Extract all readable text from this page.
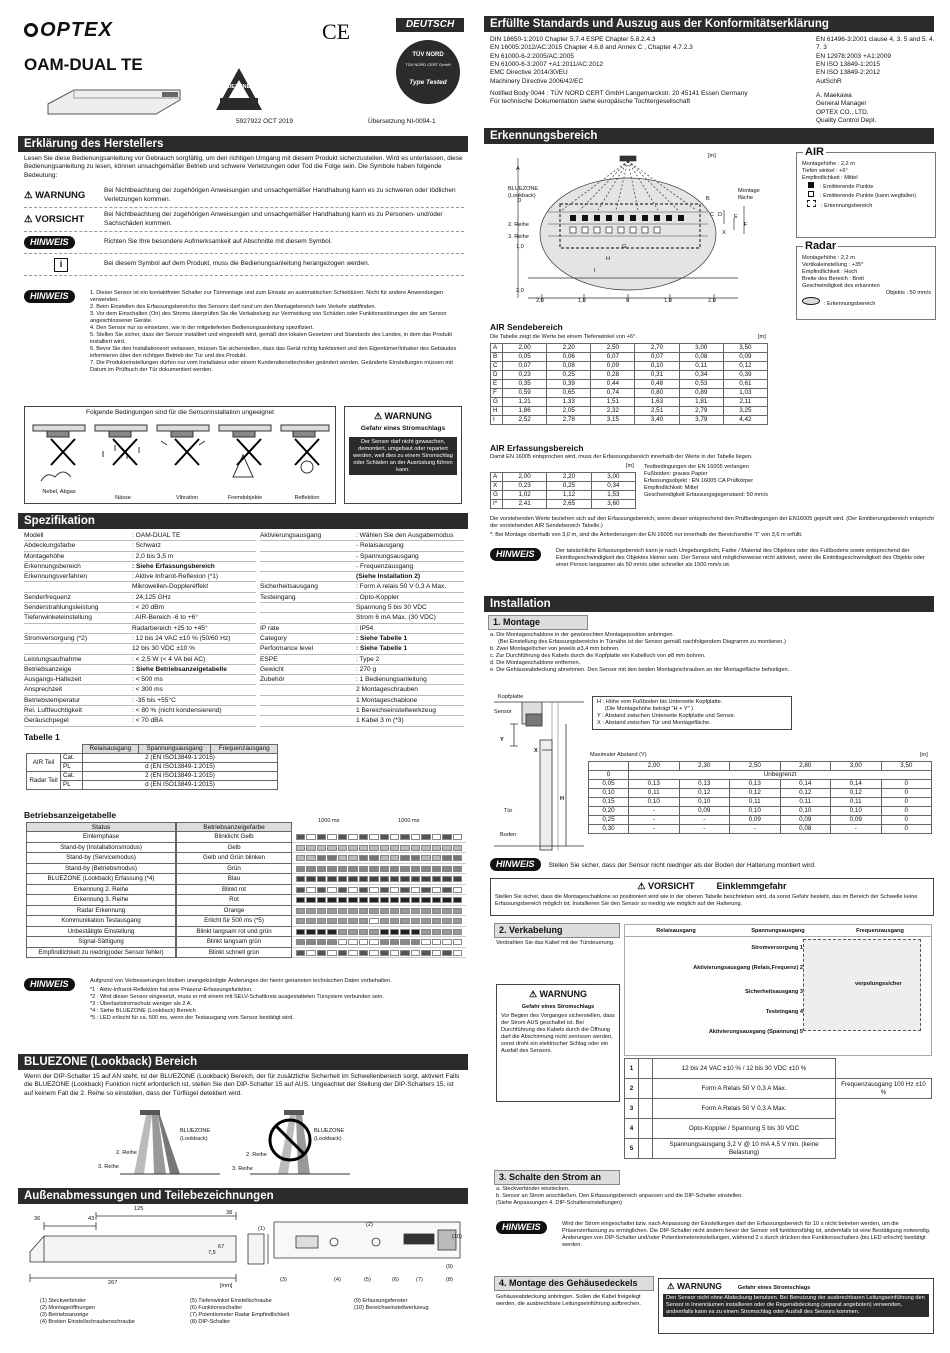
OPTEX	CE	DEUTSCH
OAM-DUAL TE
BLUEZONE
TÜV NORD
TÜV NORD CERT GmbH
Type Tested
5927922 OCT 2019	Übersetzung NI-0094-1
Erklärung des Herstellers
Lesen Sie diese Bedienungsanleitung vor Gebrauch sorgfältig, um den richtigen Umgang mit diesem Produkt sicherzustellen. Wird es unterlassen, diese Bedienungsanleitung zu lesen, können unsachgemäßer Betrieb und schwere Verletzungen oder Tod die Folge sein. Die Symbole haben folgende Bedeutung:
⚠ WARNUNG	Bei Nichtbeachtung der zugehörigen Anweisungen und unsachgemäßer Handhabung kann es zu schweren oder tödlichen Verletzungen kommen.
⚠ VORSICHT	Bei Nichtbeachtung der zugehörigen Anweisungen und unsachgemäßer Handhabung kann es zu Personen- und/oder Sachschäden kommen.
HINWEIS	Richten Sie Ihre besondere Aufmerksamkeit auf Abschnitte mit diesem Symbol.
i	Bei diesem Symbol auf dem Produkt, muss die Bedienungsanleitung herangezogen werden.
HINWEIS	1. Dieser Sensor ist ein kontaktfreier Schalter zur Türmontage und zum Einsatz an automatischen Schiebtüren. Nicht für andere Anwendungen verwenden.
2. Beim Einstellen des Erfassungsbereichs des Sensors darf rund um den Montagebereich kein Verkehr stattfinden.
3. Vor dem Einschalten (On) des Stroms überprüfen Sie die Verkabelung zur Vermeidung von Schäden oder Funktionsstörungen der am Sensor angeschlossener Geräte.
4. Den Sensor nur so einsetzen, wie in der mitgelieferten Bedienungsanleitung spezifiziert.
5. Stellen Sie sicher, dass der Sensor installiert und eingestellt wird, gemäß den lokalen Gesetzen und Standards des Landes, in dem das Produkt installiert wird.
6. Bevor Sie den Installationsort verlassen, müssen Sie sicherstellen, dass das Gerät richtig funktioniert und den Eigentümer/Inhaber des Gebäudes informieren über den richtigen Betrieb der Tür und des Produkt.
7. Die Produkteinstellungen dürfen nur vom Installateur oder einem Kundendiensttechniker geändert werden. Geänderte Einstellungen müssen mit Datum im Prüfbuch der Tür dokumentiert werden.
Folgende Bedingungen sind für die Sensorinstallation ungeeignet
Nebel, Abgas
Nässe	Vibration	Fremdobjekte	Reflektion
⚠ WARNUNG
Gefahr eines Stromschlags
Der Sensor darf nicht gewaschen, demontiert, umgebaut oder repariert werden, weil dies zu einem Stromschlag oder Schäden an der Ausrüstung führen kann.
Spezifikation
Modell	: OAM-DUAL TE
Abdeckungsfarbe	: Schwarz
Montagehöhe	: 2,0 bis 3,5 m
Erkennungsbereich	: Siehe Erfassungsbereich
Erkennungsverfahren	: Aktive Infrarot-Reflexion (*1)
Mikrowellen-Dopplereffekt
Senderfrequenz	: 24,125 GHz
Senderstrahlungsleistung	: < 20 dBm
Tiefenwinkeleinstellung	: AIR-Bereich -6 to +6°
Radarbereich +25 to +45°
Stromversorgung (*2)	: 12 bis 24 VAC ±10 % (50/60 Hz)
12 bis 30 VDC ±10 %
Leistungsaufnahme	: < 2,5 W (< 4 VA bei AC)
Betriebsanzeige	: Siehe Betriebsanzeigetabelle
Ausgangs-Haltezeit	: < 500 ms
Ansprechzeit	: < 300 ms
Betriebstemperatur	: -35 bis +55°C
Rel. Luftfeuchtigkeit	: < 80 % (nicht kondensierend)
Geräuschpegel	: < 70 dBA
Aktivierungsausgang	: Wählen Sie den Ausgabemodus
- Relaisausgang
- Spannungsausgang
- Frequenzausgang
(Siehe Installation 2)
Sicherheitsausgang	: Form A relais 50 V 0,3 A Max.
Testeingang	: Opto-Koppler
Spannung 5 bis 30 VDC
Strom 6 mA Max. (30 VDC)
IP rate	: IP54
Category	: Siehe Tabelle 1
Performance level	: Siehe Tabelle 1
ESPE	: Type 2
Gewicht	: 270 g
Zubehör	: 1 Bedienungsanleitung
2 Montageschrauben
1 Montageschablone
1 Bereichseinstellwerkzeug
1 Kabel 3 m (*3)
Tabelle 1
		Relaisausgang	Spannungsausgang	Frequenzausgang
AIR Teil	Cat.	2 (EN ISO13849-1:2015)		
	PL	d (EN ISO13849-1:2015)		
Radar Teil	Cat.	2 (EN ISO13849-1:2015)		
	PL	d (EN ISO13849-1:2015)		
Betriebsanzeigetabelle
Status	Betriebsanzeigefarbe
Einlernphase	Blinklicht Gelb
Stand-by (Installationsmodus)	Gelb
Stand-by (Servicemodus)	Gelb und Grün blinken
Stand-by (Betriebsmodus)	Grün
BLUEZONE (Lookback) Erfassung (*4)	Blau
Erkennung 2. Reihe	Blinkt rot
Erkennung 3. Reihe	Rot
Radar Erkennung	Orange
Kommunikation Testausgang	Erlicht für 500 ms (*5)
Unbestätigte Einstellung	Blinkt langsam rot und grün
Signal-Sättigung	Blinkt langsam grün
Empfindlichkeit zu niedrig(oder Sensor fehler)	Blinkt schnell grün
1000 ms	1000 ms
HINWEIS	Aufgrund von Verbesserungen bleiben unangekündigte Änderungen der hierin genannten technischen Daten vorbehalten.
*1 : Aktiv-Infrarot-Reflektion hat eine Präsenz-Erfassungsfunktion.
*2 : Wird dieser Sensor eingesetzt, muss er mit einem mit SELV-Schaltkreis ausgestatteten Türsystem verbunden sein.
*3 : Überlaststromschutz weniger als 2 A.
*4 : Siehe BLUEZONE (Lookback) Bereich
*5 : LED erlischt für ca. 500 ms, wenn der Testausgang vom Sensor bestätigt wird.
BLUEZONE (Lookback) Bereich
Wenn der DIP-Schalter 15 auf AN steht, ist der BLUEZONE (Lookback) Bereich, der für zusätzliche Sicherheit im Schwellenbereich sorgt, aktiviert Falls die BLUEZONE (Lookback) Funktion nicht erforderlich ist, stellen Sie den DIP-Schalter 15 auf AUS. Ungeachtet der Stellung der DIP-Schalters 15, ist auf keinem Fall die 2. Reihe so einstellen, dass der Türflügel detektiert wird.
BLUEZONE
(Lookback)
2. Reihe
3. Reihe
BLUEZONE
(Lookback)
2. Reihe
3. Reihe
Außenabmessungen und Teilebezeichnungen
125
36	43
267
38
7,5
67
[mm]
(1)
(2)
(10)
(3)	(4)	(5)	(6)	(7)	(8)
(9)
(1) Steckverbinder
(2) Montageöffnungen
(3) Betriebsanzeige
(4) Breiten Einstellschraubenschraube
(5) Tiefenwinkel Einstellschraube
(6) Funktionsschalter
(7) Potentiometer Radar Empfindlichkeit
(8) DIP-Schalter
(9) Erfassungsfenster
(10) Bereichseinstellwerkzeug
Erfüllte Standards und Auszug aus der Konformitätserklärung
DIN 18650-1:2010 Chapter 5.7.4 ESPE Chapter 5.8.2.4.3
EN 16005:2012/AC:2015 Chapter 4.6.8 and Annex C , Chapter 4.7.2.3
EN 61000-6-2:2005/AC:2005
EN 61000-6-3:2007 +A1:2011/AC:2012
EMC Directive 2014/30/EU
Machinery Directive 2006/42/EC
Notified Body 0044 : TÜV NORD CERT GmbH Langemarckstr. 20 45141 Essen Germany
Für technische Dokumentation siehe europäische Tochtergesellschaft
EN 61496-3:2001 clause 4, 3. 5 and 5. 4. 7. 3
EN 12978:2003 +A1:2009
EN ISO 13849-1:2015
EN ISO 13849-2:2012
AutSchR
A. Maekawa
General Manager
OPTEX CO., LTD.
Quality Control Dept.
Erkennungsbereich
[m]
A
BLUEZONE (Lookback)
2. Reihe
3. Reihe
Montage fläche
B
C D E
F
X
G
H
I
2,0	1,0	0	1,0	2,0
0
1,0
2,0
AIR
Montagehöhe : 2,2 m
Tiefen winkel : +6°
Empfindlichkeit : Mittel
: Emittierende Punkte
: Emittierende Punkte (kann wegfallen)
: Erkennungsbereich
Radar
Montagehöhe : 2,2 m
Vertikaleinstellung : +35°
Empfindlichkeit : Hoch
Breite des Bereich : Breit
Geschwindigkeit des erkannten
Objekts : 50 mm/s
: Erkennungsbereich
AIR Sendebereich
Die Tabelle zeigt die Werte bei einem Tiefenwinkel von +6°.	[m]
A	2,00	2,20	2,50	2,70	3,00	3,50
B	0,05	0,06	0,07	0,07	0,08	0,09
C	0,07	0,08	0,09	0,10	0,11	0,12
D	0,23	0,25	0,28	0,31	0,34	0,39
E	0,35	0,39	0,44	0,48	0,53	0,61
F	0,59	0,65	0,74	0,80	0,89	1,03
G	1,21	1,33	1,51	1,63	1,81	2,11
H	1,86	2,05	2,32	2,51	2,79	3,25
I	2,52	2,78	3,15	3,40	3,79	4,42
AIR Erfassungsbereich
Damit EN 16005 entsprochen wird, muss der Erfassungsbereich innerhalb der Werte in der Tabelle liegen.
[m]
A	2,00	2,20	3,00
X	0,23	0,25	0,34
G	1,02	1,12	1,53
I*	2,41	2,65	3,60
Testbedingungen der EN 16005 verlangen
Fußboden: graues Papier
Erfassungsobjekt : EN 16005 CA Prüfkörper
Empfindlichkeit: Mittel
Geschwindigkeit Erfassungsgegenstand: 50 mm/s
Die vorstehenden Werte beziehen sich auf den Erfassungsbereich, wenn dieser entsprechend den Prüfbedingungen der EN16005 geprüft wird. (Der Emittierungsbereich entspricht der vorstehenden AIR Sendebereich Tabelle.)
*: Bei Montage oberhalb von 3,0 m, sind die Anforderungen der EN 16005 nur innerhalb der Bereichsreihe "I" von 3,6 m erfüllt.
HINWEIS	Der tatsächliche Erfassungsbereich kann je nach Umgebungslicht, Farbe / Material des Objektes oder des Fußbodens sowie entsprechend der Eintrittsgeschwindigkeit des Objektes kleiner sein. Der Sensor wird möglicherweise nicht aktiviert, wenn die Eintrittsgeschwindigkeit des Objekts oder einer Person langsamer als 50 mm/s oder schneller als 1500 mm/s ist.
Installation
1. Montage
a. Die Montageschablone in der gewünschten Montageposition anbringen.
(Bei Einstellung des Erfassungsbereichs in Türnähe ist der Sensor gemäß nachfolgendem Diagramm zu montieren.)
b. Zwei Montagelöcher von jeweils ø3,4 mm bohren.
c. Zur Durchführung des Kabels durch die Kopfplatte ein Kabelloch von ø8 mm bohren.
d. Die Montageschablone entfernen.
e. Die Gehäuseabdeckung abnehmen. Den Sensor mit den beiden Montageschrauben an der Montagefläche befestigen.
Kopfplatte
Sensor
Y
X
H
Tür
Boden
H : Höhe vom Fußboden bis Unterseite Kopfplatte.
(Die Montagehöhe beträgt "H + Y" )
Y : Abstand zwischen Unterseite Kopfplatte und Sensor.
X : Abstand zwischen Tür und Montagefläche.
Maximaler Abstand (Y)	[m]
	2,00	2,30	2,50	2,80	3,00	3,50
0	Unbegrenzt					
0,05	0,13	0,13	0,13	0,14	0,14	0
0,10	0,11	0,12	0,12	0,12	0,12	0
0,15	0,10	0,10	0,11	0,11	0,11	0
0,20	-	0,09	0,10	0,10	0,10	0
0,25	-	-	0,09	0,09	0,09	0
0,30	-	-	-	0,08	-	0
HINWEIS Stellen Sie sicher, dass der Sensor nicht niedriger als der Boden der Halterung montiert wird.
⚠ VORSICHT Einklemmgefahr
Stellen Sie sicher, dass die Montageschablone so positioniert wird wie in der oberen Tabelle beschrieben wird, da sonst Gefahr besteht, das im Bereich der Schwelle keine Erfassungsbereich möglich ist. Installieren Sie den Sensor so niedrig wie möglich auf der Halterung.
2. Verkabelung
Verdrahten Sie das Kabel mit der Türsteuerung.
⚠ WARNUNG
Gefahr eines Stromschlags
Vor Beginn des Vorganges sicherstellen, dass der Strom AUS geschaltet ist. Bei Durchführung des Kabels durch die Öffnung darf die Abschirmung nicht zerrissen werden, sonst droht ein elektrischer Schlag oder ein Ausfall des Sensors.
Relaisausgang	Spannungsausgang	Frequenzausgang
Stromversorgung 1
Aktivierungsausgang (Relais,Frequenz) 2
Sicherheitsausgang 3
Testeingang 4
Aktivierungsausgang (Spannung) 5
verpolungssicher
1		12 bis 24 VAC ±10 % / 12 bis 30 VDC ±10 %	
2		Form A Relais 50 V 0,3 A Max.	Frequenzausgang 100 Hz ±10 %
3		Form A Relais 50 V 0,3 A Max.	
4		Opto-Koppler / Spannung 5 bis 30 VDC	
5		Spannungsausgang 3,2 V @ 10 mA 4,5 V min. (keine Belastung)	
3. Schalte den Strom an
a. Steckverbinder einstecken.
b. Sensor an Strom anschließen. Den Erfassungsbereich anpassen und die DIP-Schalter einstellen.
(Siehe Anpassungen 4. DIP-Schaltereinstellungen)
HINWEIS	Wird der Strom eingeschaltet bzw. nach Anpassung der Einstellungen darf der Erfassungsbereich für 10 s nicht betreten werden, um die Präsenzerfassung zu ermöglichen. Die DIP-Schalter nicht ändern bevor der Sensor voll funktionsfähig ist, andemfalls ist eine Bestätigung notwendig. Änderungen von DIP-Schalter und/oder Potentiometereinstellungen, während 2 s durch drücken des Funktionsschalters (bis LED erlischt) bestätigt werden.
4. Montage des Gehäusedeckels
Gehäuseabdeckung anbringen. Sollen die Kabel freigelegt werden, die ausbrechbare Leitungseinführung aufbrechen.
⚠ WARNUNG	Gefahr eines Stromschlags
Den Sensor nicht ohne Abdeckung benutzen. Bei Benutzung der ausbrechbaren Leitungseinführung den Sensor in Innenräumen installieren oder die Regenabdeckung (separat angeboten) verwenden, andernfalls kann es zu einem Stromschlag oder Ausfall des Sensors kommen.
